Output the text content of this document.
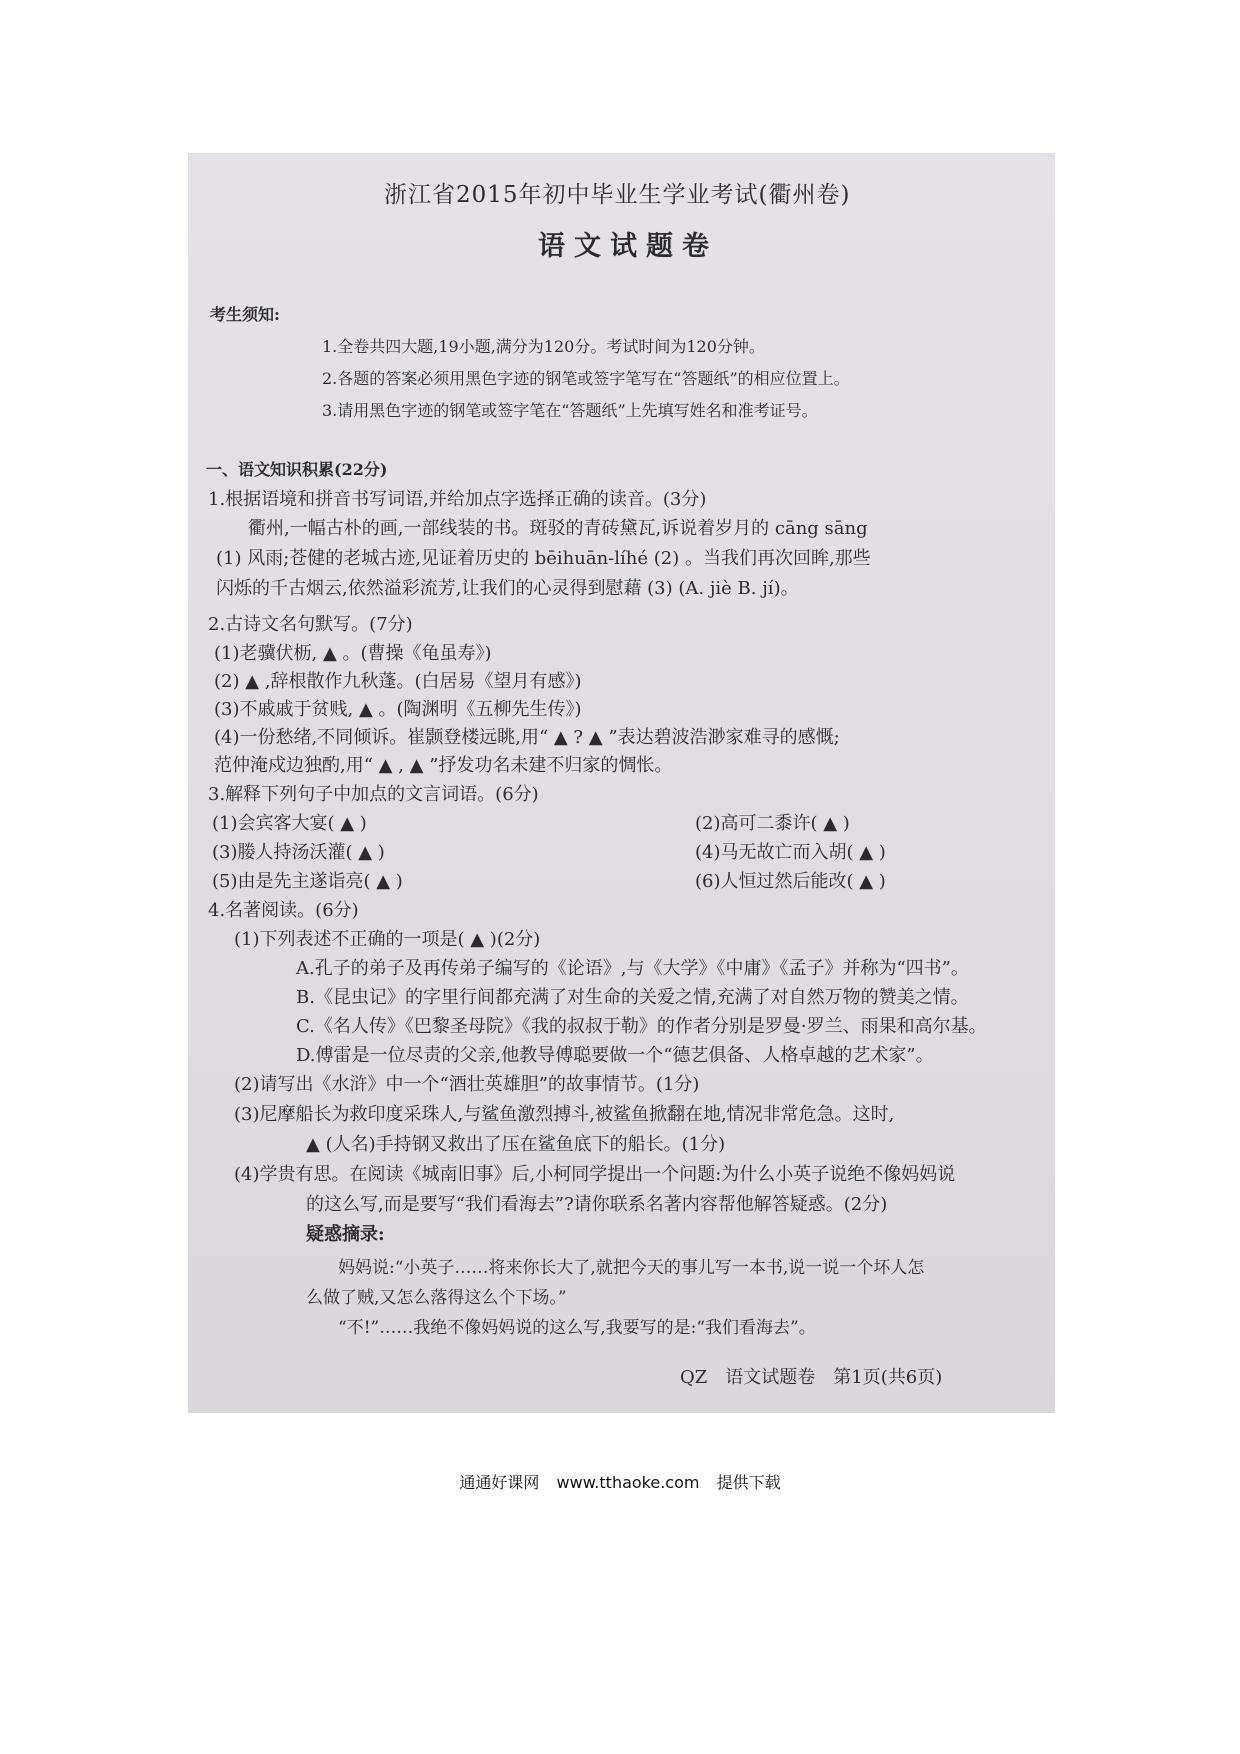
浙江省2015年初中毕业生学业考试(衢州卷)
语文试题卷
考生须知:
1.全卷共四大题,19小题,满分为120分。考试时间为120分钟。
2.各题的答案必须用黑色字迹的钢笔或签字笔写在“答题纸”的相应位置上。
3.请用黑色字迹的钢笔或签字笔在“答题纸”上先填写姓名和准考证号。
一、语文知识积累(22分)
1.根据语境和拼音书写词语,并给加点字选择正确的读音。(3分)
衢州,一幅古朴的画,一部线装的书。斑驳的青砖黛瓦,诉说着岁月的 cāng sāng
(1) 风雨;苍健的老城古迹,见证着历史的 bēihuān-líhé (2) 。当我们再次回眸,那些
闪烁的千古烟云,依然溢彩流芳,让我们的心灵得到慰藉 (3) (A. jiè B. jí)。
2.古诗文名句默写。(7分)
(1)老骥伏枥, ▲ 。(曹操《龟虽寿》)
(2) ▲ ,辞根散作九秋蓬。(白居易《望月有感》)
(3)不戚戚于贫贱, ▲ 。(陶渊明《五柳先生传》)
(4)一份愁绪,不同倾诉。崔颢登楼远眺,用“ ▲ ? ▲ ”表达碧波浩渺家难寻的感慨;
范仲淹戍边独酌,用“ ▲ , ▲ ”抒发功名未建不归家的惆怅。
3.解释下列句子中加点的文言词语。(6分)
(1)会宾客大宴( ▲ )	(2)高可二黍许( ▲ )
(3)媵人持汤沃灌( ▲ )	(4)马无故亡而入胡( ▲ )
(5)由是先主遂诣亮( ▲ )	(6)人恒过然后能改( ▲ )
4.名著阅读。(6分)
(1)下列表述不正确的一项是( ▲ )(2分)
A.孔子的弟子及再传弟子编写的《论语》,与《大学》《中庸》《孟子》并称为“四书”。
B.《昆虫记》的字里行间都充满了对生命的关爱之情,充满了对自然万物的赞美之情。
C.《名人传》《巴黎圣母院》《我的叔叔于勒》的作者分别是罗曼·罗兰、雨果和高尔基。
D.傅雷是一位尽责的父亲,他教导傅聪要做一个“德艺俱备、人格卓越的艺术家”。
(2)请写出《水浒》中一个“酒壮英雄胆”的故事情节。(1分)
(3)尼摩船长为救印度采珠人,与鲨鱼激烈搏斗,被鲨鱼掀翻在地,情况非常危急。这时,
▲ (人名)手持钢叉救出了压在鲨鱼底下的船长。(1分)
(4)学贵有思。在阅读《城南旧事》后,小柯同学提出一个问题:为什么小英子说绝不像妈妈说
的这么写,而是要写“我们看海去”?请你联系名著内容帮他解答疑惑。(2分)
疑惑摘录:
妈妈说:“小英子……将来你长大了,就把今天的事儿写一本书,说一说一个坏人怎
么做了贼,又怎么落得这么个下场。”
“不!”……我绝不像妈妈说的这么写,我要写的是:“我们看海去”。
QZ　语文试题卷　第1页(共6页)
通通好课网 www.tthaoke.com 提供下载
